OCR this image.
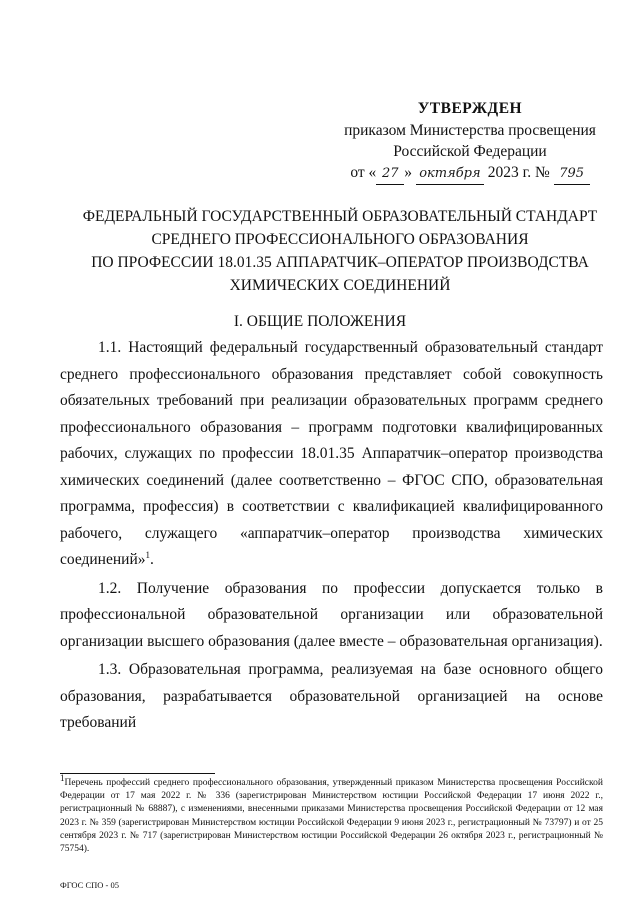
УТВЕРЖДЕН
приказом Министерства просвещения
Российской Федерации
от « 27 » октября 2023 г. № 795
ФЕДЕРАЛЬНЫЙ ГОСУДАРСТВЕННЫЙ ОБРАЗОВАТЕЛЬНЫЙ СТАНДАРТ
СРЕДНЕГО ПРОФЕССИОНАЛЬНОГО ОБРАЗОВАНИЯ
ПО ПРОФЕССИИ 18.01.35 АППАРАТЧИК–ОПЕРАТОР ПРОИЗВОДСТВА
ХИМИЧЕСКИХ СОЕДИНЕНИЙ
I. ОБЩИЕ ПОЛОЖЕНИЯ

1.1. Настоящий федеральный государственный образовательный стандарт среднего профессионального образования представляет собой совокупность обязательных требований при реализации образовательных программ среднего профессионального образования – программ подготовки квалифицированных рабочих, служащих по профессии 18.01.35 Аппаратчик–оператор производства химических соединений (далее соответственно – ФГОС СПО, образовательная программа, профессия) в соответствии с квалификацией квалифицированного рабочего, служащего «аппаратчик–оператор производства химических соединений»$^1$.

1.2. Получение образования по профессии допускается только в профессиональной образовательной организации или образовательной организации высшего образования (далее вместе – образовательная организация).

1.3. Образовательная программа, реализуемая на базе основного общего образования, разрабатывается образовательной организацией на основе требований

$^1$Перечень профессий среднего профессионального образования, утвержденный приказом Министерства просвещения Российской Федерации от 17 мая 2022 г. № 336 (зарегистрирован Министерством юстиции Российской Федерации 17 июня 2022 г., регистрационный № 68887), с изменениями, внесенными приказами Министерства просвещения Российской Федерации от 12 мая 2023 г. № 359 (зарегистрирован Министерством юстиции Российской Федерации 9 июня 2023 г., регистрационный № 73797) и от 25 сентября 2023 г. № 717 (зарегистрирован Министерством юстиции Российской Федерации 26 октября 2023 г., регистрационный № 75754).
ФГОС СПО - 05
